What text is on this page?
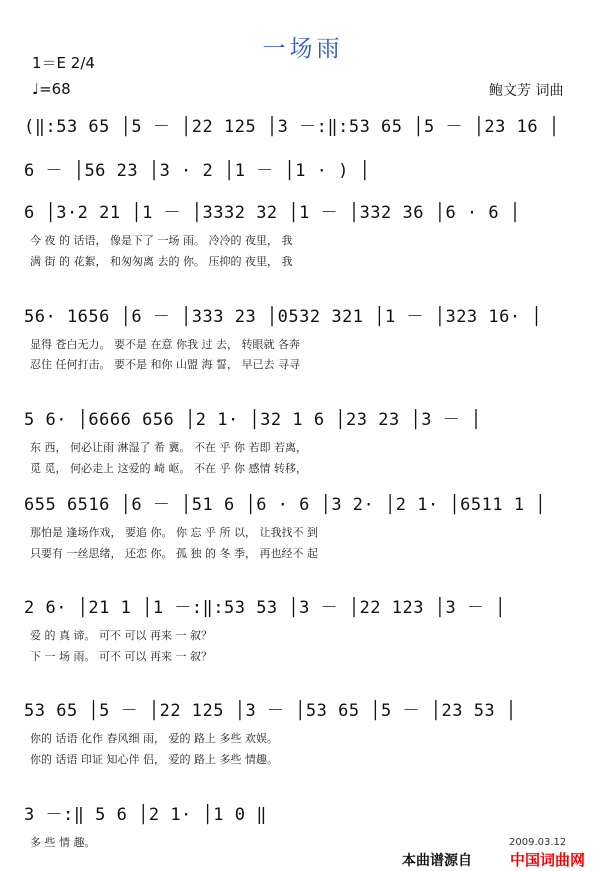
一场雨
1＝E 2/4
♩=68	鲍文芳 词曲
(‖:53 65 │5 － │22 125 │3 －:‖:53 65 │5 － │23 16 │
6 － │56 23 │3 · 2 │1 － │1 · ) │
6 │3·2 21 │1 － │3332 32 │1 － │332 36 │6 · 6 │
今 夜 的 话语， 像是下了 一场 雨。 冷冷的 夜里， 我
满 街 的 花絮， 和匆匆离 去的 你。 压抑的 夜里， 我
56· 1656 │6 － │333 23 │0532 321 │1 － │323 16· │
显得 苍白无力。 要不是 在意 你我 过 去， 转眼就 各奔
忍住 任何打击。 要不是 和你 山盟 海 誓， 早已去 寻寻
5 6· │6666 656 │2 1· │32 1 6 │23 23 │3 － │
东 西， 何必让雨 淋湿了 希 冀。 不在 乎 你 若即 若离，
觅 觅， 何必走上 这爱的 崎 岖。 不在 乎 你 感情 转移，
655 6516 │6 － │51 6 │6 · 6 │3 2· │2 1· │6511 1 │
那怕是 逢场作戏， 要追 你。 你 忘 乎 所 以， 让我找不 到
只要有 一丝思绪， 还恋 你。 孤 独 的 冬 季， 再也经不 起
2 6· │21 1 │1 －:‖:53 53 │3 － │22 123 │3 － │
爱 的 真 谛。 可不 可以 再来 一 叙？
下 一 场 雨。 可不 可以 再来 一 叙？
53 65 │5 － │22 125 │3 － │53 65 │5 － │23 53 │
你的 话语 化作 春风细 雨， 爱的 路上 多些 欢娱。
你的 话语 印证 知心伴 侣， 爱的 路上 多些 情趣。
3 －:‖ 5 6 │2 1· │1 0 ‖
多 些 情 趣。	2009.03.12
本曲谱源自	中国词曲网
